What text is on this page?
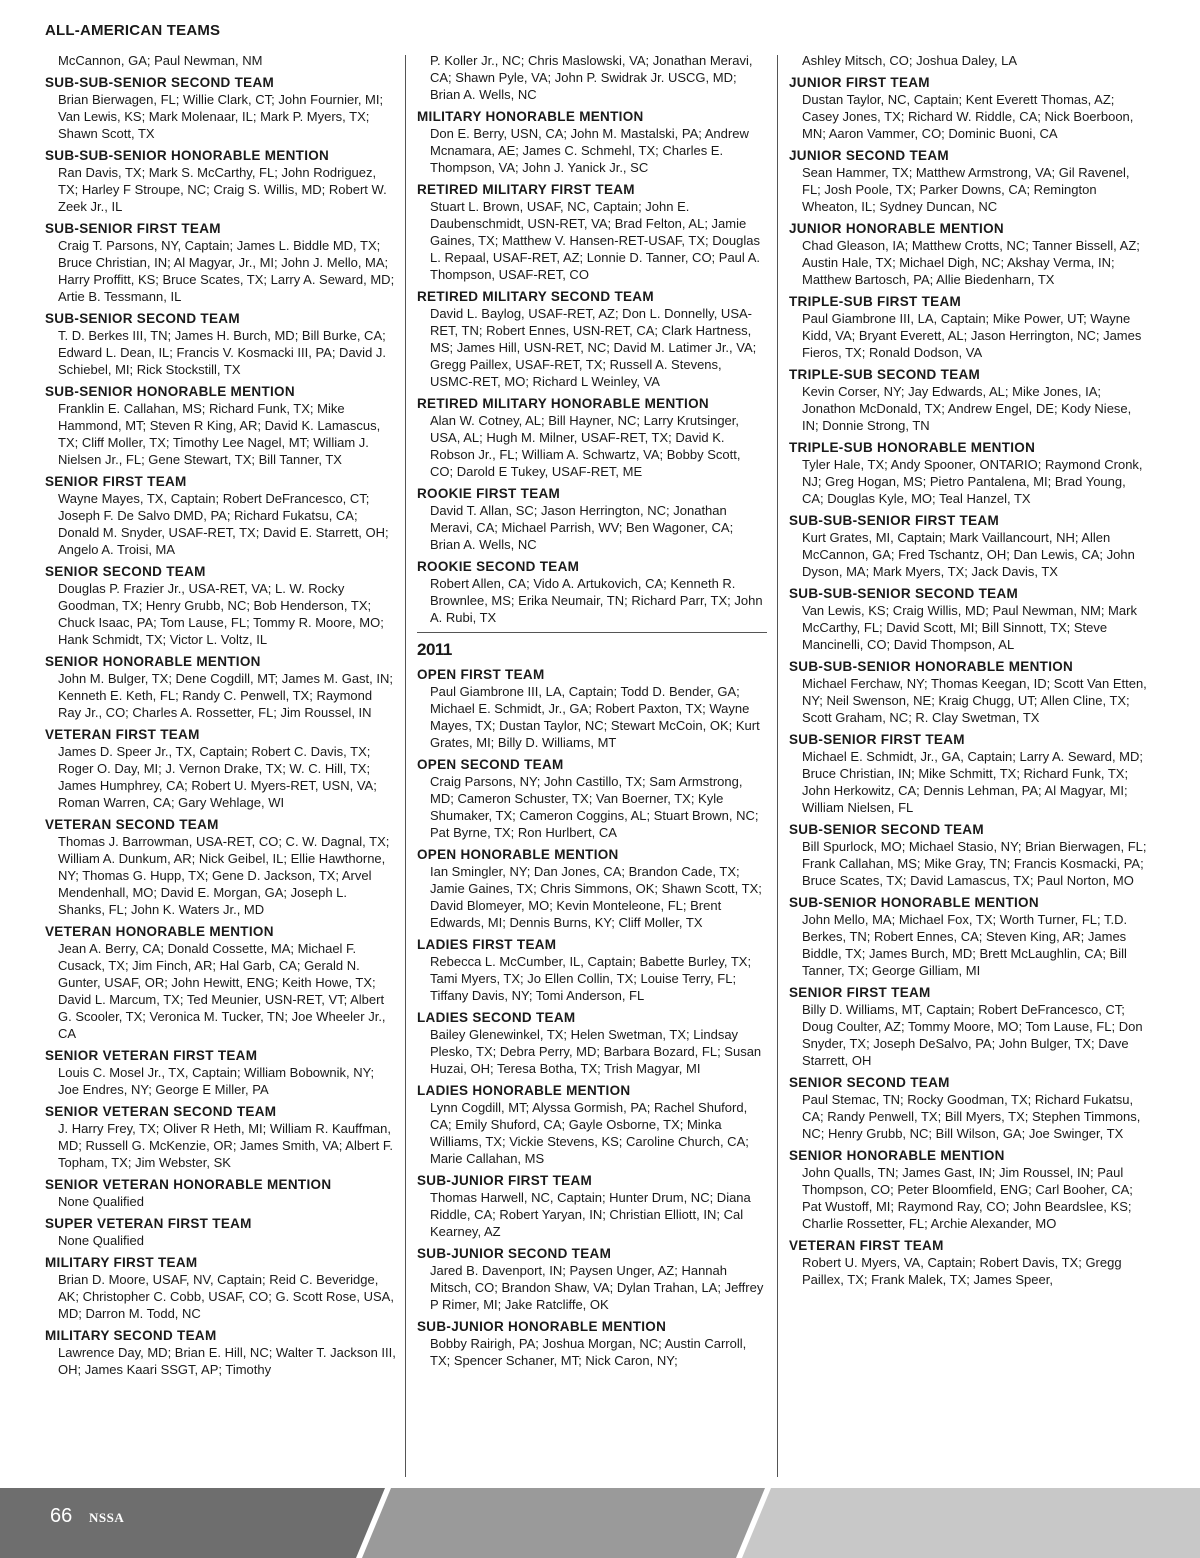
ALL-AMERICAN TEAMS

McCannon, GA; Paul Newman, NM

SUB-SUB-SENIOR SECOND TEAM

Brian Bierwagen, FL; Willie Clark, CT; John Fournier, MI; Van Lewis, KS; Mark Molenaar, IL; Mark P. Myers, TX; Shawn Scott, TX

SUB-SUB-SENIOR HONORABLE MENTION

Ran Davis, TX; Mark S. McCarthy, FL; John Rodriguez, TX; Harley F Stroupe, NC; Craig S. Willis, MD; Robert W. Zeek Jr., IL

SUB-SENIOR FIRST TEAM

Craig T. Parsons, NY, Captain; James L. Biddle MD, TX; Bruce Christian, IN; Al Magyar, Jr., MI; John J. Mello, MA; Harry Proffitt, KS; Bruce Scates, TX; Larry A. Seward, MD; Artie B. Tessmann, IL

SUB-SENIOR SECOND TEAM

T. D. Berkes III, TN; James H. Burch, MD; Bill Burke, CA; Edward L. Dean, IL; Francis V. Kosmacki III, PA; David J. Schiebel, MI; Rick Stockstill, TX

SUB-SENIOR HONORABLE MENTION

Franklin E. Callahan, MS; Richard Funk, TX; Mike Hammond, MT; Steven R King, AR; David K. Lamascus, TX; Cliff Moller, TX; Timothy Lee Nagel, MT; William J. Nielsen Jr., FL; Gene Stewart, TX; Bill Tanner, TX

SENIOR FIRST TEAM

Wayne Mayes, TX, Captain; Robert DeFrancesco, CT; Joseph F. De Salvo DMD, PA; Richard Fukatsu, CA; Donald M. Snyder, USAF-RET, TX; David E. Starrett, OH; Angelo A. Troisi, MA

SENIOR SECOND TEAM

Douglas P. Frazier Jr., USA-RET, VA; L. W. Rocky Goodman, TX; Henry Grubb, NC; Bob Henderson, TX; Chuck Isaac, PA; Tom Lause, FL; Tommy R. Moore, MO; Hank Schmidt, TX; Victor L. Voltz, IL

SENIOR HONORABLE MENTION

John M. Bulger, TX; Dene Cogdill, MT; James M. Gast, IN; Kenneth E. Keth, FL; Randy C. Penwell, TX; Raymond Ray Jr., CO; Charles A. Rossetter, FL; Jim Roussel, IN

VETERAN FIRST TEAM

James D. Speer Jr., TX, Captain; Robert C. Davis, TX; Roger O. Day, MI; J. Vernon Drake, TX; W. C. Hill, TX; James Humphrey, CA; Robert U. Myers-RET, USN, VA; Roman Warren, CA; Gary Wehlage, WI

VETERAN SECOND TEAM

Thomas J. Barrowman, USA-RET, CO; C. W. Dagnal, TX; William A. Dunkum, AR; Nick Geibel, IL; Ellie Hawthorne, NY; Thomas G. Hupp, TX; Gene D. Jackson, TX; Arvel Mendenhall, MO; David E. Morgan, GA; Joseph L. Shanks, FL; John K. Waters Jr., MD

VETERAN HONORABLE MENTION

Jean A. Berry, CA; Donald Cossette, MA; Michael F. Cusack, TX; Jim Finch, AR; Hal Garb, CA; Gerald N. Gunter, USAF, OR; John Hewitt, ENG; Keith Howe, TX; David L. Marcum, TX; Ted Meunier, USN-RET, VT; Albert G. Scooler, TX; Veronica M. Tucker, TN; Joe Wheeler Jr., CA

SENIOR VETERAN FIRST TEAM

Louis C. Mosel Jr., TX, Captain; William Bobownik, NY; Joe Endres, NY; George E Miller, PA

SENIOR VETERAN SECOND TEAM

J. Harry Frey, TX; Oliver R Heth, MI; William R. Kauffman, MD; Russell G. McKenzie, OR; James Smith, VA; Albert F. Topham, TX; Jim Webster, SK

SENIOR VETERAN HONORABLE MENTION

None Qualified

SUPER VETERAN FIRST TEAM

None Qualified

MILITARY FIRST TEAM

Brian D. Moore, USAF, NV, Captain; Reid C. Beveridge, AK; Christopher C. Cobb, USAF, CO; G. Scott Rose, USA, MD; Darron M. Todd, NC

MILITARY SECOND TEAM

Lawrence Day, MD; Brian E. Hill, NC; Walter T. Jackson III, OH; James Kaari SSGT, AP; Timothy

P. Koller Jr., NC; Chris Maslowski, VA; Jonathan Meravi, CA; Shawn Pyle, VA; John P. Swidrak Jr. USCG, MD; Brian A. Wells, NC

MILITARY HONORABLE MENTION

Don E. Berry, USN, CA; John M. Mastalski, PA; Andrew Mcnamara, AE; James C. Schmehl, TX; Charles E. Thompson, VA; John J. Yanick Jr., SC

RETIRED MILITARY FIRST TEAM

Stuart L. Brown, USAF, NC, Captain; John E. Daubenschmidt, USN-RET, VA; Brad Felton, AL; Jamie Gaines, TX; Matthew V. Hansen-RET-USAF, TX; Douglas L. Repaal, USAF-RET, AZ; Lonnie D. Tanner, CO; Paul A. Thompson, USAF-RET, CO

RETIRED MILITARY SECOND TEAM

David L. Baylog, USAF-RET, AZ; Don L. Donnelly, USA-RET, TN; Robert Ennes, USN-RET, CA; Clark Hartness, MS; James Hill, USN-RET, NC; David M. Latimer Jr., VA; Gregg Paillex, USAF-RET, TX; Russell A. Stevens, USMC-RET, MO; Richard L Weinley, VA

RETIRED MILITARY HONORABLE MENTION

Alan W. Cotney, AL; Bill Hayner, NC; Larry Krutsinger, USA, AL; Hugh M. Milner, USAF-RET, TX; David K. Robson Jr., FL; William A. Schwartz, VA; Bobby Scott, CO; Darold E Tukey, USAF-RET, ME

ROOKIE FIRST TEAM

David T. Allan, SC; Jason Herrington, NC; Jonathan Meravi, CA; Michael Parrish, WV; Ben Wagoner, CA; Brian A. Wells, NC

ROOKIE SECOND TEAM

Robert Allen, CA; Vido A. Artukovich, CA; Kenneth R. Brownlee, MS; Erika Neumair, TN; Richard Parr, TX; John A. Rubi, TX

2011
OPEN FIRST TEAM

Paul Giambrone III, LA, Captain; Todd D. Bender, GA; Michael E. Schmidt, Jr., GA; Robert Paxton, TX; Wayne Mayes, TX; Dustan Taylor, NC; Stewart McCoin, OK; Kurt Grates, MI; Billy D. Williams, MT

OPEN SECOND TEAM

Craig Parsons, NY; John Castillo, TX; Sam Armstrong, MD; Cameron Schuster, TX; Van Boerner, TX; Kyle Shumaker, TX; Cameron Coggins, AL; Stuart Brown, NC; Pat Byrne, TX; Ron Hurlbert, CA

OPEN HONORABLE MENTION

Ian Smingler, NY; Dan Jones, CA; Brandon Cade, TX; Jamie Gaines, TX; Chris Simmons, OK; Shawn Scott, TX; David Blomeyer, MO; Kevin Monteleone, FL; Brent Edwards, MI; Dennis Burns, KY; Cliff Moller, TX

LADIES FIRST TEAM

Rebecca L. McCumber, IL, Captain; Babette Burley, TX; Tami Myers, TX; Jo Ellen Collin, TX; Louise Terry, FL; Tiffany Davis, NY; Tomi Anderson, FL

LADIES SECOND TEAM

Bailey Glenewinkel, TX; Helen Swetman, TX; Lindsay Plesko, TX; Debra Perry, MD; Barbara Bozard, FL; Susan Huzai, OH; Teresa Botha, TX; Trish Magyar, MI

LADIES HONORABLE MENTION

Lynn Cogdill, MT; Alyssa Gormish, PA; Rachel Shuford, CA; Emily Shuford, CA; Gayle Osborne, TX; Minka Williams, TX; Vickie Stevens, KS; Caroline Church, CA; Marie Callahan, MS

SUB-JUNIOR FIRST TEAM

Thomas Harwell, NC, Captain; Hunter Drum, NC; Diana Riddle, CA; Robert Yaryan, IN; Christian Elliott, IN; Cal Kearney, AZ

SUB-JUNIOR SECOND TEAM

Jared B. Davenport, IN; Paysen Unger, AZ; Hannah Mitsch, CO; Brandon Shaw, VA; Dylan Trahan, LA; Jeffrey P Rimer, MI; Jake Ratcliffe, OK

SUB-JUNIOR HONORABLE MENTION

Bobby Rairigh, PA; Joshua Morgan, NC; Austin Carroll, TX; Spencer Schaner, MT; Nick Caron, NY;

Ashley Mitsch, CO; Joshua Daley, LA

JUNIOR FIRST TEAM

Dustan Taylor, NC, Captain; Kent Everett Thomas, AZ; Casey Jones, TX; Richard W. Riddle, CA; Nick Boerboon, MN; Aaron Vammer, CO; Dominic Buoni, CA

JUNIOR SECOND TEAM

Sean Hammer, TX; Matthew Armstrong, VA; Gil Ravenel, FL; Josh Poole, TX; Parker Downs, CA; Remington Wheaton, IL; Sydney Duncan, NC

JUNIOR HONORABLE MENTION

Chad Gleason, IA; Matthew Crotts, NC; Tanner Bissell, AZ; Austin Hale, TX; Michael Digh, NC; Akshay Verma, IN; Matthew Bartosch, PA; Allie Biedenharn, TX

TRIPLE-SUB FIRST TEAM

Paul Giambrone III, LA, Captain; Mike Power, UT; Wayne Kidd, VA; Bryant Everett, AL; Jason Herrington, NC; James Fieros, TX; Ronald Dodson, VA

TRIPLE-SUB SECOND TEAM

Kevin Corser, NY; Jay Edwards, AL; Mike Jones, IA; Jonathon McDonald, TX; Andrew Engel, DE; Kody Niese, IN; Donnie Strong, TN

TRIPLE-SUB HONORABLE MENTION

Tyler Hale, TX; Andy Spooner, ONTARIO; Raymond Cronk, NJ; Greg Hogan, MS; Pietro Pantalena, MI; Brad Young, CA; Douglas Kyle, MO; Teal Hanzel, TX

SUB-SUB-SENIOR FIRST TEAM

Kurt Grates, MI, Captain; Mark Vaillancourt, NH; Allen McCannon, GA; Fred Tschantz, OH; Dan Lewis, CA; John Dyson, MA; Mark Myers, TX; Jack Davis, TX

SUB-SUB-SENIOR SECOND TEAM

Van Lewis, KS; Craig Willis, MD; Paul Newman, NM; Mark McCarthy, FL; David Scott, MI; Bill Sinnott, TX; Steve Mancinelli, CO; David Thompson, AL

SUB-SUB-SENIOR HONORABLE MENTION

Michael Ferchaw, NY; Thomas Keegan, ID; Scott Van Etten, NY; Neil Swenson, NE; Kraig Chugg, UT; Allen Cline, TX; Scott Graham, NC; R. Clay Swetman, TX

SUB-SENIOR FIRST TEAM

Michael E. Schmidt, Jr., GA, Captain; Larry A. Seward, MD; Bruce Christian, IN; Mike Schmitt, TX; Richard Funk, TX; John Herkowitz, CA; Dennis Lehman, PA; Al Magyar, MI; William Nielsen, FL

SUB-SENIOR SECOND TEAM

Bill Spurlock, MO; Michael Stasio, NY; Brian Bierwagen, FL; Frank Callahan, MS; Mike Gray, TN; Francis Kosmacki, PA; Bruce Scates, TX; David Lamascus, TX; Paul Norton, MO

SUB-SENIOR HONORABLE MENTION

John Mello, MA; Michael Fox, TX; Worth Turner, FL; T.D. Berkes, TN; Robert Ennes, CA; Steven King, AR; James Biddle, TX; James Burch, MD; Brett McLaughlin, CA; Bill Tanner, TX; George Gilliam, MI

SENIOR FIRST TEAM

Billy D. Williams, MT, Captain; Robert DeFrancesco, CT; Doug Coulter, AZ; Tommy Moore, MO; Tom Lause, FL; Don Snyder, TX; Joseph DeSalvo, PA; John Bulger, TX; Dave Starrett, OH

SENIOR SECOND TEAM

Paul Stemac, TN; Rocky Goodman, TX; Richard Fukatsu, CA; Randy Penwell, TX; Bill Myers, TX; Stephen Timmons, NC; Henry Grubb, NC; Bill Wilson, GA; Joe Swinger, TX

SENIOR HONORABLE MENTION

John Qualls, TN; James Gast, IN; Jim Roussel, IN; Paul Thompson, CO; Peter Bloomfield, ENG; Carl Booher, CA; Pat Wustoff, MI; Raymond Ray, CO; John Beardslee, KS; Charlie Rossetter, FL; Archie Alexander, MO

VETERAN FIRST TEAM

Robert U. Myers, VA, Captain; Robert Davis, TX; Gregg Paillex, TX; Frank Malek, TX; James Speer,

66 NSSA
